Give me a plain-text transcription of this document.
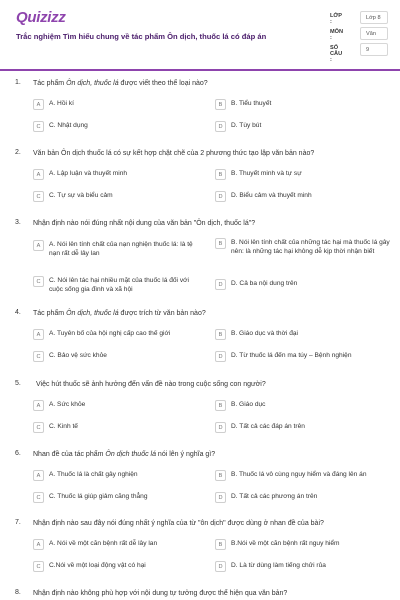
Quizizz
Trắc nghiệm Tìm hiểu chung về tác phẩm Ôn dịch, thuốc lá có đáp án
LỚP :
Lớp 8
MÔN :
Văn
SỐ CÂU :
9
1. Tác phẩm Ôn dịch, thuốc lá được viết theo thể loại nào?
A	A. Hồi kí	B	B. Tiểu thuyết
C	C. Nhật dụng	D	D. Tùy bút
2. Văn bản Ôn dịch thuốc lá có sự kết hợp chặt chẽ của 2 phương thức tạo lập văn bản nào?
A	A. Lập luận và thuyết minh	B	B. Thuyết minh và tự sự
C	C. Tự sự và biểu cảm	D	D. Biểu cảm và thuyết minh
3. Nhận định nào nói đúng nhất nội dung của văn bản "Ôn dịch, thuốc lá"?
A	A. Nói lên tính chất của nạn nghiện thuốc lá: là tệ nạn rất dễ lây lan
B	B. Nói lên tính chất của những tác hại mà thuốc lá gây nên: là những tác hại không dễ kịp thời nhận biết
C	C. Nói lên tác hại nhiều mặt của thuốc lá đối với cuộc sống gia đình và xã hội
D	D. Cả ba nội dung trên
4. Tác phẩm Ôn dịch, thuốc lá được trích từ văn bản nào?
A	A. Tuyên bố của hội nghị cấp cao thế giới	B	B. Giáo dục và thời đại
C	C. Bảo vệ sức khỏe	D	D. Từ thuốc lá đến ma túy – Bệnh nghiện
5. Việc hút thuốc sẽ ảnh hưởng đến vấn đề nào trong cuộc sống con người?
A	A. Sức khỏe	B	B. Giáo dục
C	C. Kinh tế	D	D. Tất cả các đáp án trên
6. Nhan đề của tác phẩm Ôn dịch thuốc lá nói lên ý nghĩa gì?
A	A. Thuốc lá là chất gây nghiện	B	B. Thuốc lá vô cùng nguy hiểm và đáng lên án
C	C. Thuốc lá giúp giảm căng thẳng	D	D. Tất cả các phương án trên
7. Nhận định nào sau đây nói đúng nhất ý nghĩa của từ "ôn dịch" được dùng ở nhan đề của bài?
A	A. Nói về một căn bệnh rất dễ lây lan	B	B.Nói về một căn bệnh rất nguy hiểm
C	C.Nói về một loại động vật có hại	D	D. Là từ dùng làm tiếng chửi rủa
8. Nhận định nào không phù hợp với nội dung tự tưởng được thể hiện qua văn bản?
